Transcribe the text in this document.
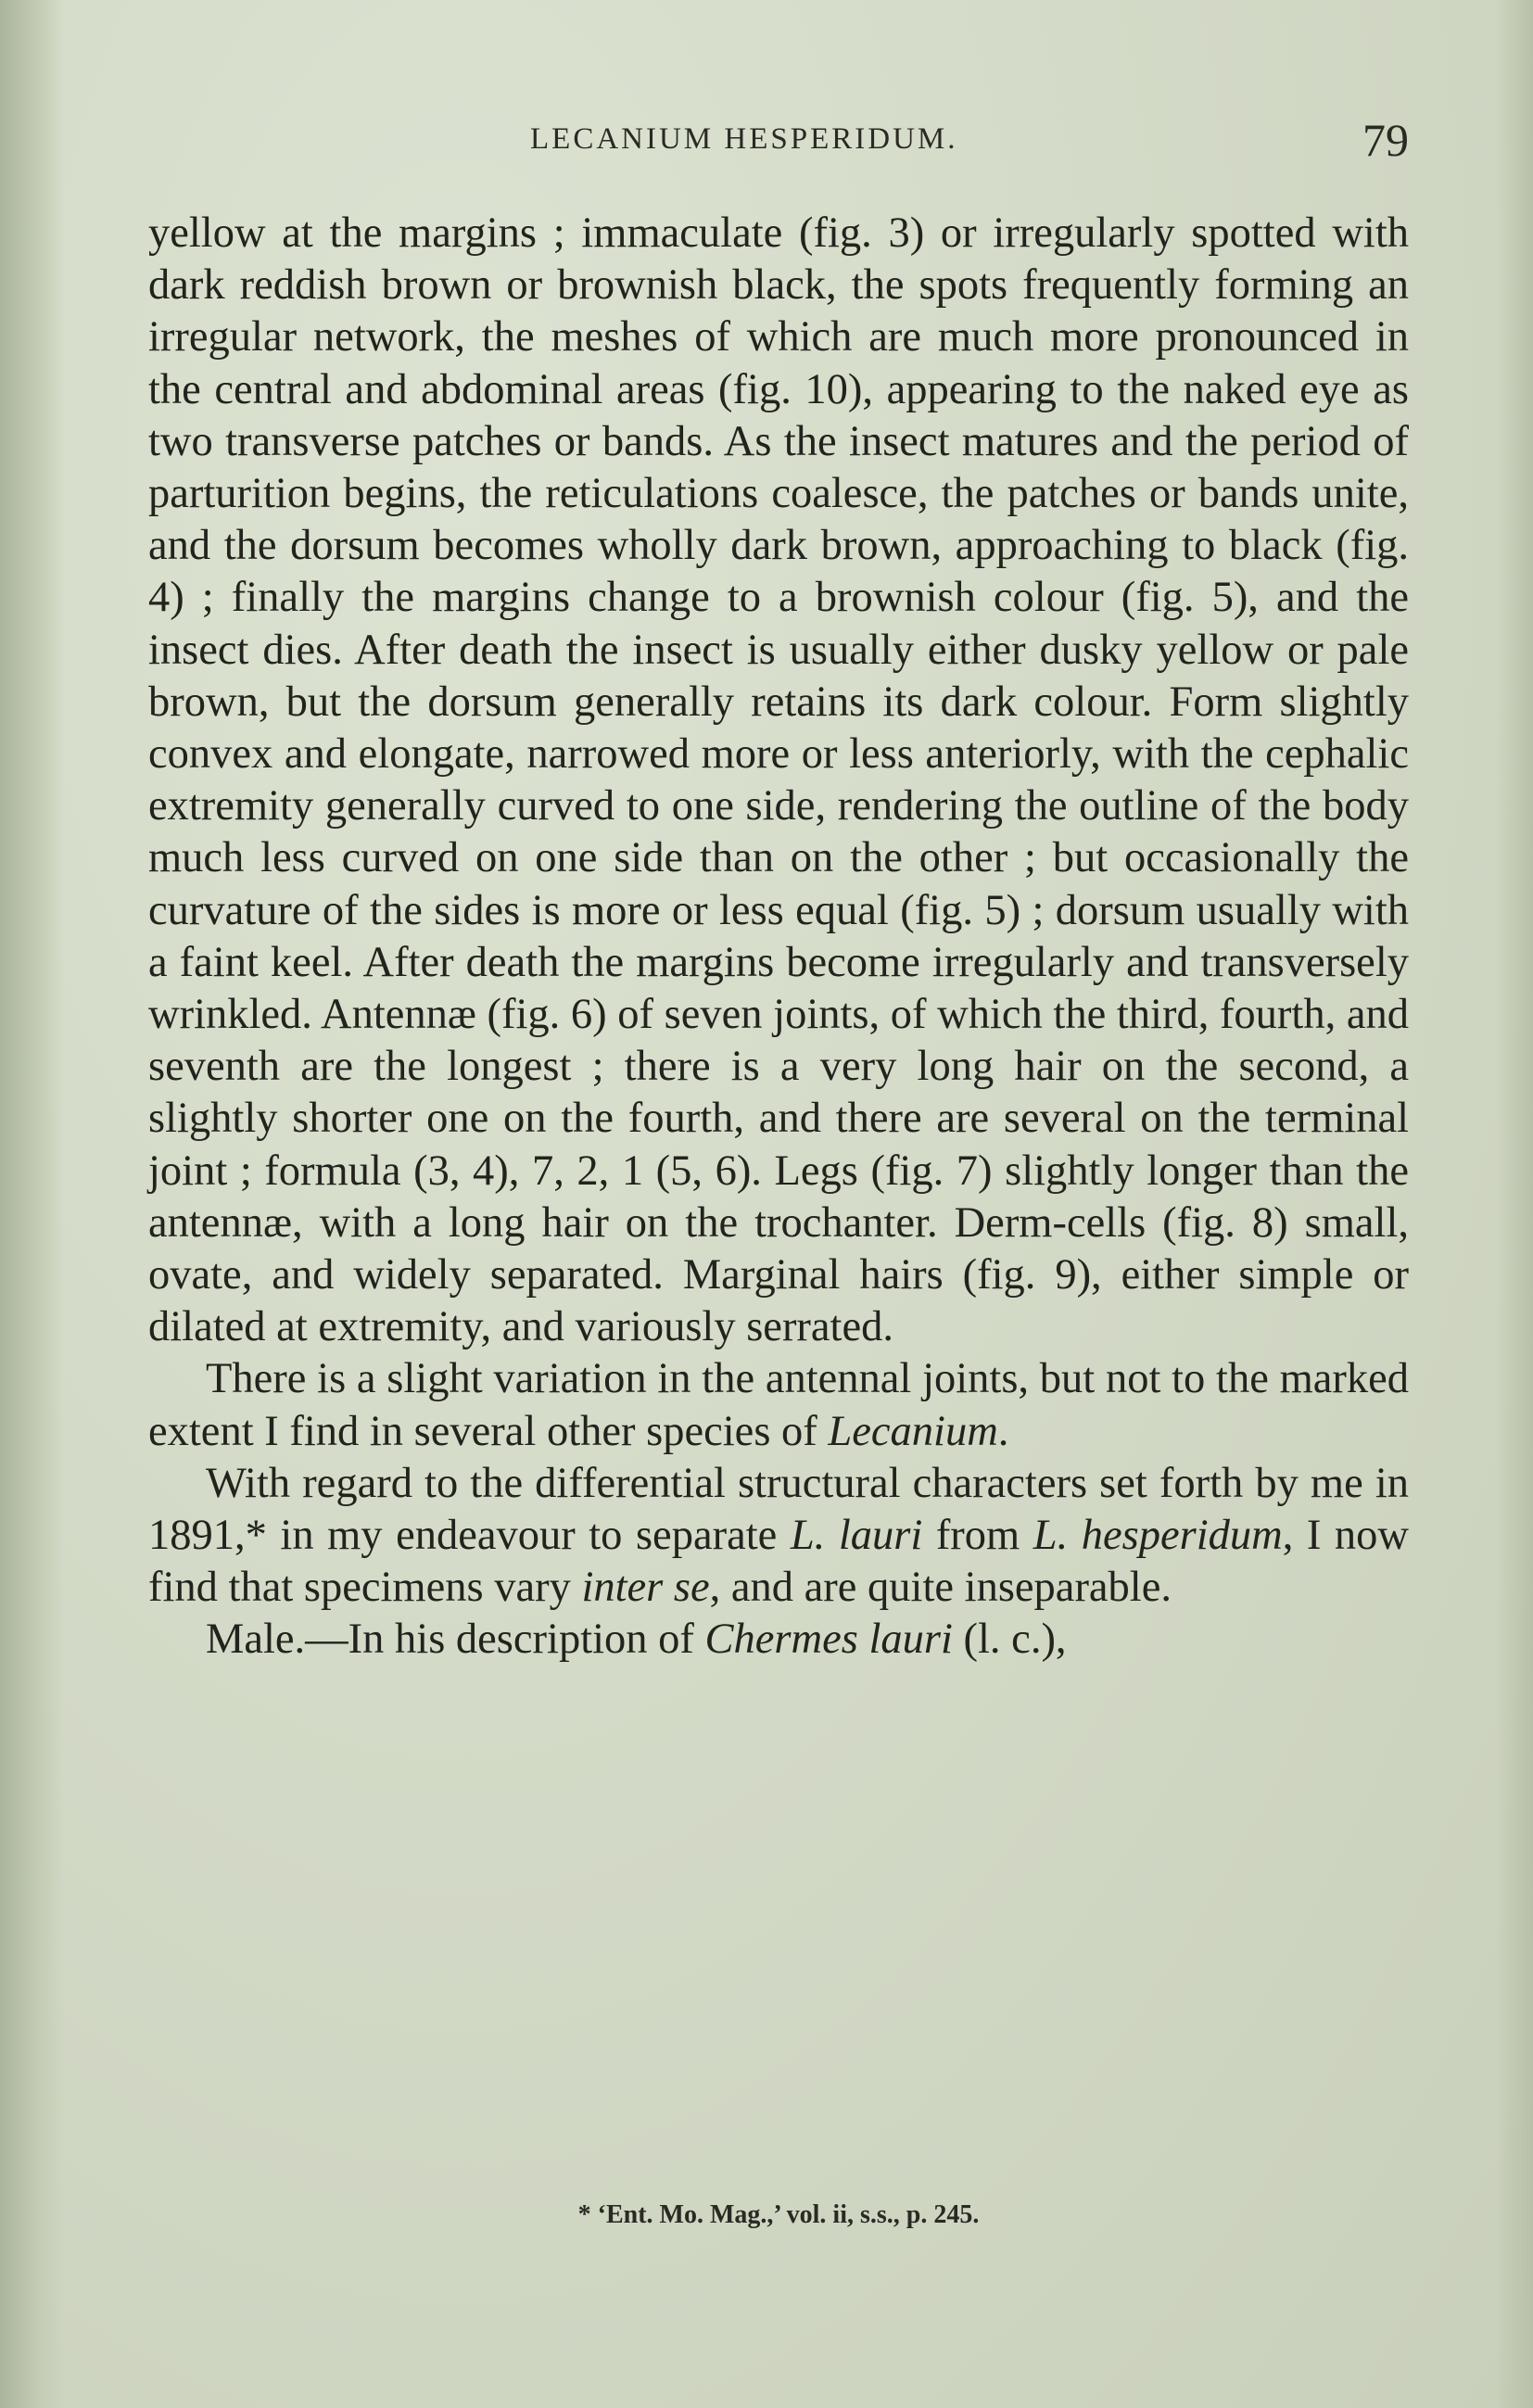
LECANIUM HESPERIDUM.	79

yellow at the margins ; immaculate (fig. 3) or irregularly spotted with dark reddish brown or brownish black, the spots frequently forming an irregular network, the meshes of which are much more pronounced in the central and abdominal areas (fig. 10), appearing to the naked eye as two transverse patches or bands. As the insect matures and the period of parturition begins, the reticulations coalesce, the patches or bands unite, and the dorsum becomes wholly dark brown, approaching to black (fig. 4) ; finally the margins change to a brownish colour (fig. 5), and the insect dies. After death the insect is usually either dusky yellow or pale brown, but the dorsum generally retains its dark colour. Form slightly convex and elongate, narrowed more or less anteriorly, with the cephalic extremity generally curved to one side, rendering the outline of the body much less curved on one side than on the other ; but occasionally the curvature of the sides is more or less equal (fig. 5) ; dorsum usually with a faint keel. After death the margins become irregularly and transversely wrinkled. Antennæ (fig. 6) of seven joints, of which the third, fourth, and seventh are the longest ; there is a very long hair on the second, a slightly shorter one on the fourth, and there are several on the terminal joint ; formula (3, 4), 7, 2, 1 (5, 6). Legs (fig. 7) slightly longer than the antennæ, with a long hair on the trochanter. Derm-cells (fig. 8) small, ovate, and widely separated. Marginal hairs (fig. 9), either simple or dilated at extremity, and variously serrated.

There is a slight variation in the antennal joints, but not to the marked extent I find in several other species of Lecanium.

With regard to the differential structural characters set forth by me in 1891,* in my endeavour to separate L. lauri from L. hesperidum, I now find that specimens vary inter se, and are quite inseparable.

Male.—In his description of Chermes lauri (l. c.),

* ‘Ent. Mo. Mag.,’ vol. ii, s.s., p. 245.
